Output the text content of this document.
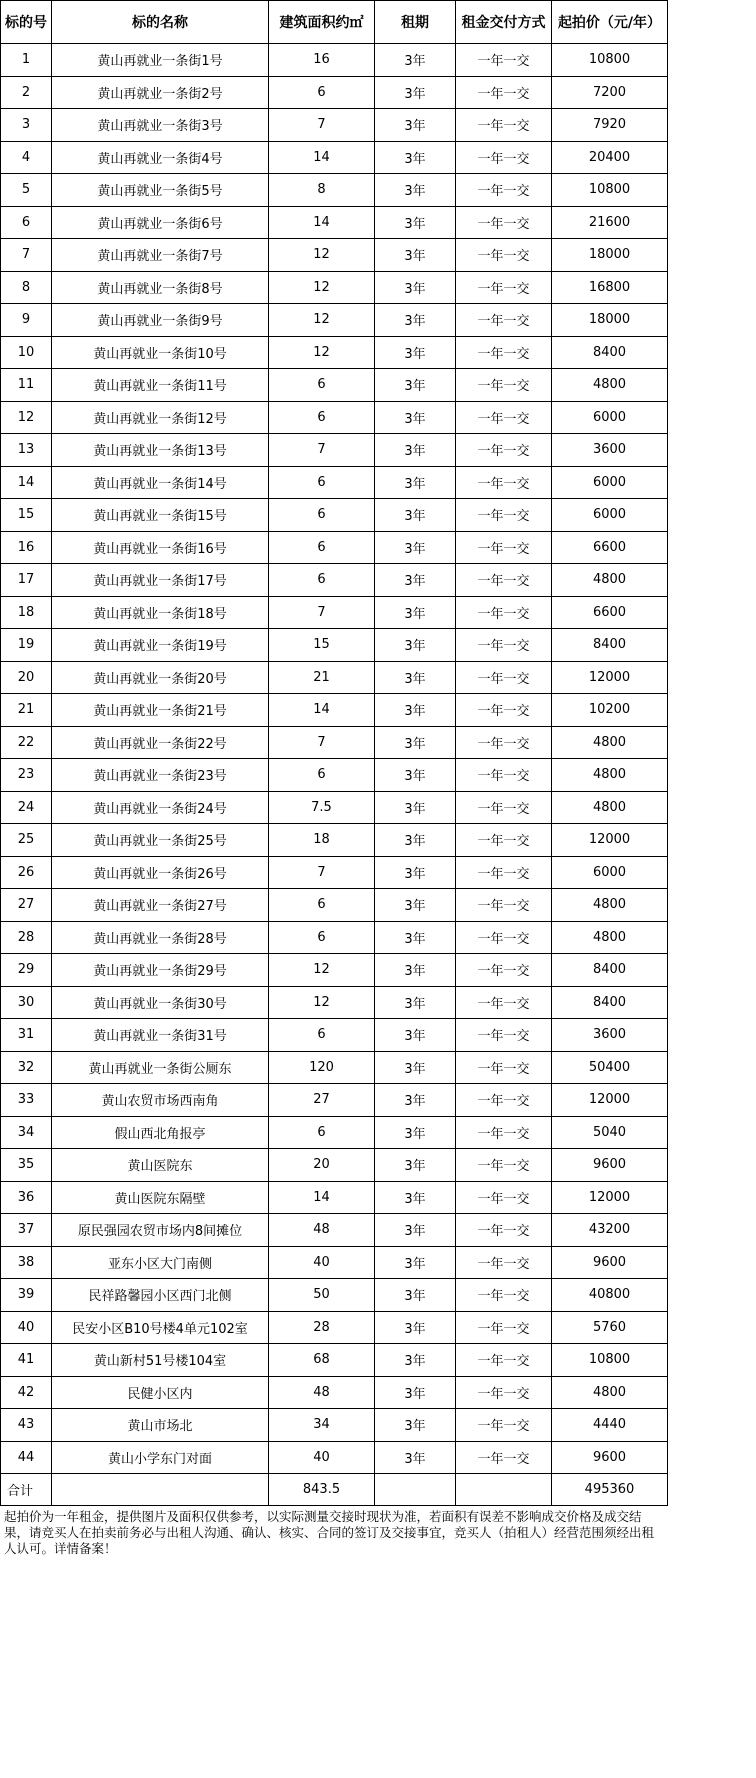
标的号	标的名称	建筑面积约㎡	租期	租金交付方式	起拍价（元/年）
1	黄山再就业一条街1号	16	3年	一年一交	10800
2	黄山再就业一条街2号	6	3年	一年一交	7200
3	黄山再就业一条街3号	7	3年	一年一交	7920
4	黄山再就业一条街4号	14	3年	一年一交	20400
5	黄山再就业一条街5号	8	3年	一年一交	10800
6	黄山再就业一条街6号	14	3年	一年一交	21600
7	黄山再就业一条街7号	12	3年	一年一交	18000
8	黄山再就业一条街8号	12	3年	一年一交	16800
9	黄山再就业一条街9号	12	3年	一年一交	18000
10	黄山再就业一条街10号	12	3年	一年一交	8400
11	黄山再就业一条街11号	6	3年	一年一交	4800
12	黄山再就业一条街12号	6	3年	一年一交	6000
13	黄山再就业一条街13号	7	3年	一年一交	3600
14	黄山再就业一条街14号	6	3年	一年一交	6000
15	黄山再就业一条街15号	6	3年	一年一交	6000
16	黄山再就业一条街16号	6	3年	一年一交	6600
17	黄山再就业一条街17号	6	3年	一年一交	4800
18	黄山再就业一条街18号	7	3年	一年一交	6600
19	黄山再就业一条街19号	15	3年	一年一交	8400
20	黄山再就业一条街20号	21	3年	一年一交	12000
21	黄山再就业一条街21号	14	3年	一年一交	10200
22	黄山再就业一条街22号	7	3年	一年一交	4800
23	黄山再就业一条街23号	6	3年	一年一交	4800
24	黄山再就业一条街24号	7.5	3年	一年一交	4800
25	黄山再就业一条街25号	18	3年	一年一交	12000
26	黄山再就业一条街26号	7	3年	一年一交	6000
27	黄山再就业一条街27号	6	3年	一年一交	4800
28	黄山再就业一条街28号	6	3年	一年一交	4800
29	黄山再就业一条街29号	12	3年	一年一交	8400
30	黄山再就业一条街30号	12	3年	一年一交	8400
31	黄山再就业一条街31号	6	3年	一年一交	3600
32	黄山再就业一条街公厕东	120	3年	一年一交	50400
33	黄山农贸市场西南角	27	3年	一年一交	12000
34	假山西北角报亭	6	3年	一年一交	5040
35	黄山医院东	20	3年	一年一交	9600
36	黄山医院东隔壁	14	3年	一年一交	12000
37	原民强园农贸市场内8间摊位	48	3年	一年一交	43200
38	亚东小区大门南侧	40	3年	一年一交	9600
39	民祥路馨园小区西门北侧	50	3年	一年一交	40800
40	民安小区B10号楼4单元102室	28	3年	一年一交	5760
41	黄山新村51号楼104室	68	3年	一年一交	10800
42	民健小区内	48	3年	一年一交	4800
43	黄山市场北	34	3年	一年一交	4440
44	黄山小学东门对面	40	3年	一年一交	9600
合计		843.5			495360
起拍价为一年租金，提供图片及面积仅供参考，以实际测量交接时现状为准，若面积有误差不影响成交价格及成交结果，请竞买人在拍卖前务必与出租人沟通、确认、核实、合同的签订及交接事宜，竞买人（拍租人）经营范围须经出租人认可。详情备案！
